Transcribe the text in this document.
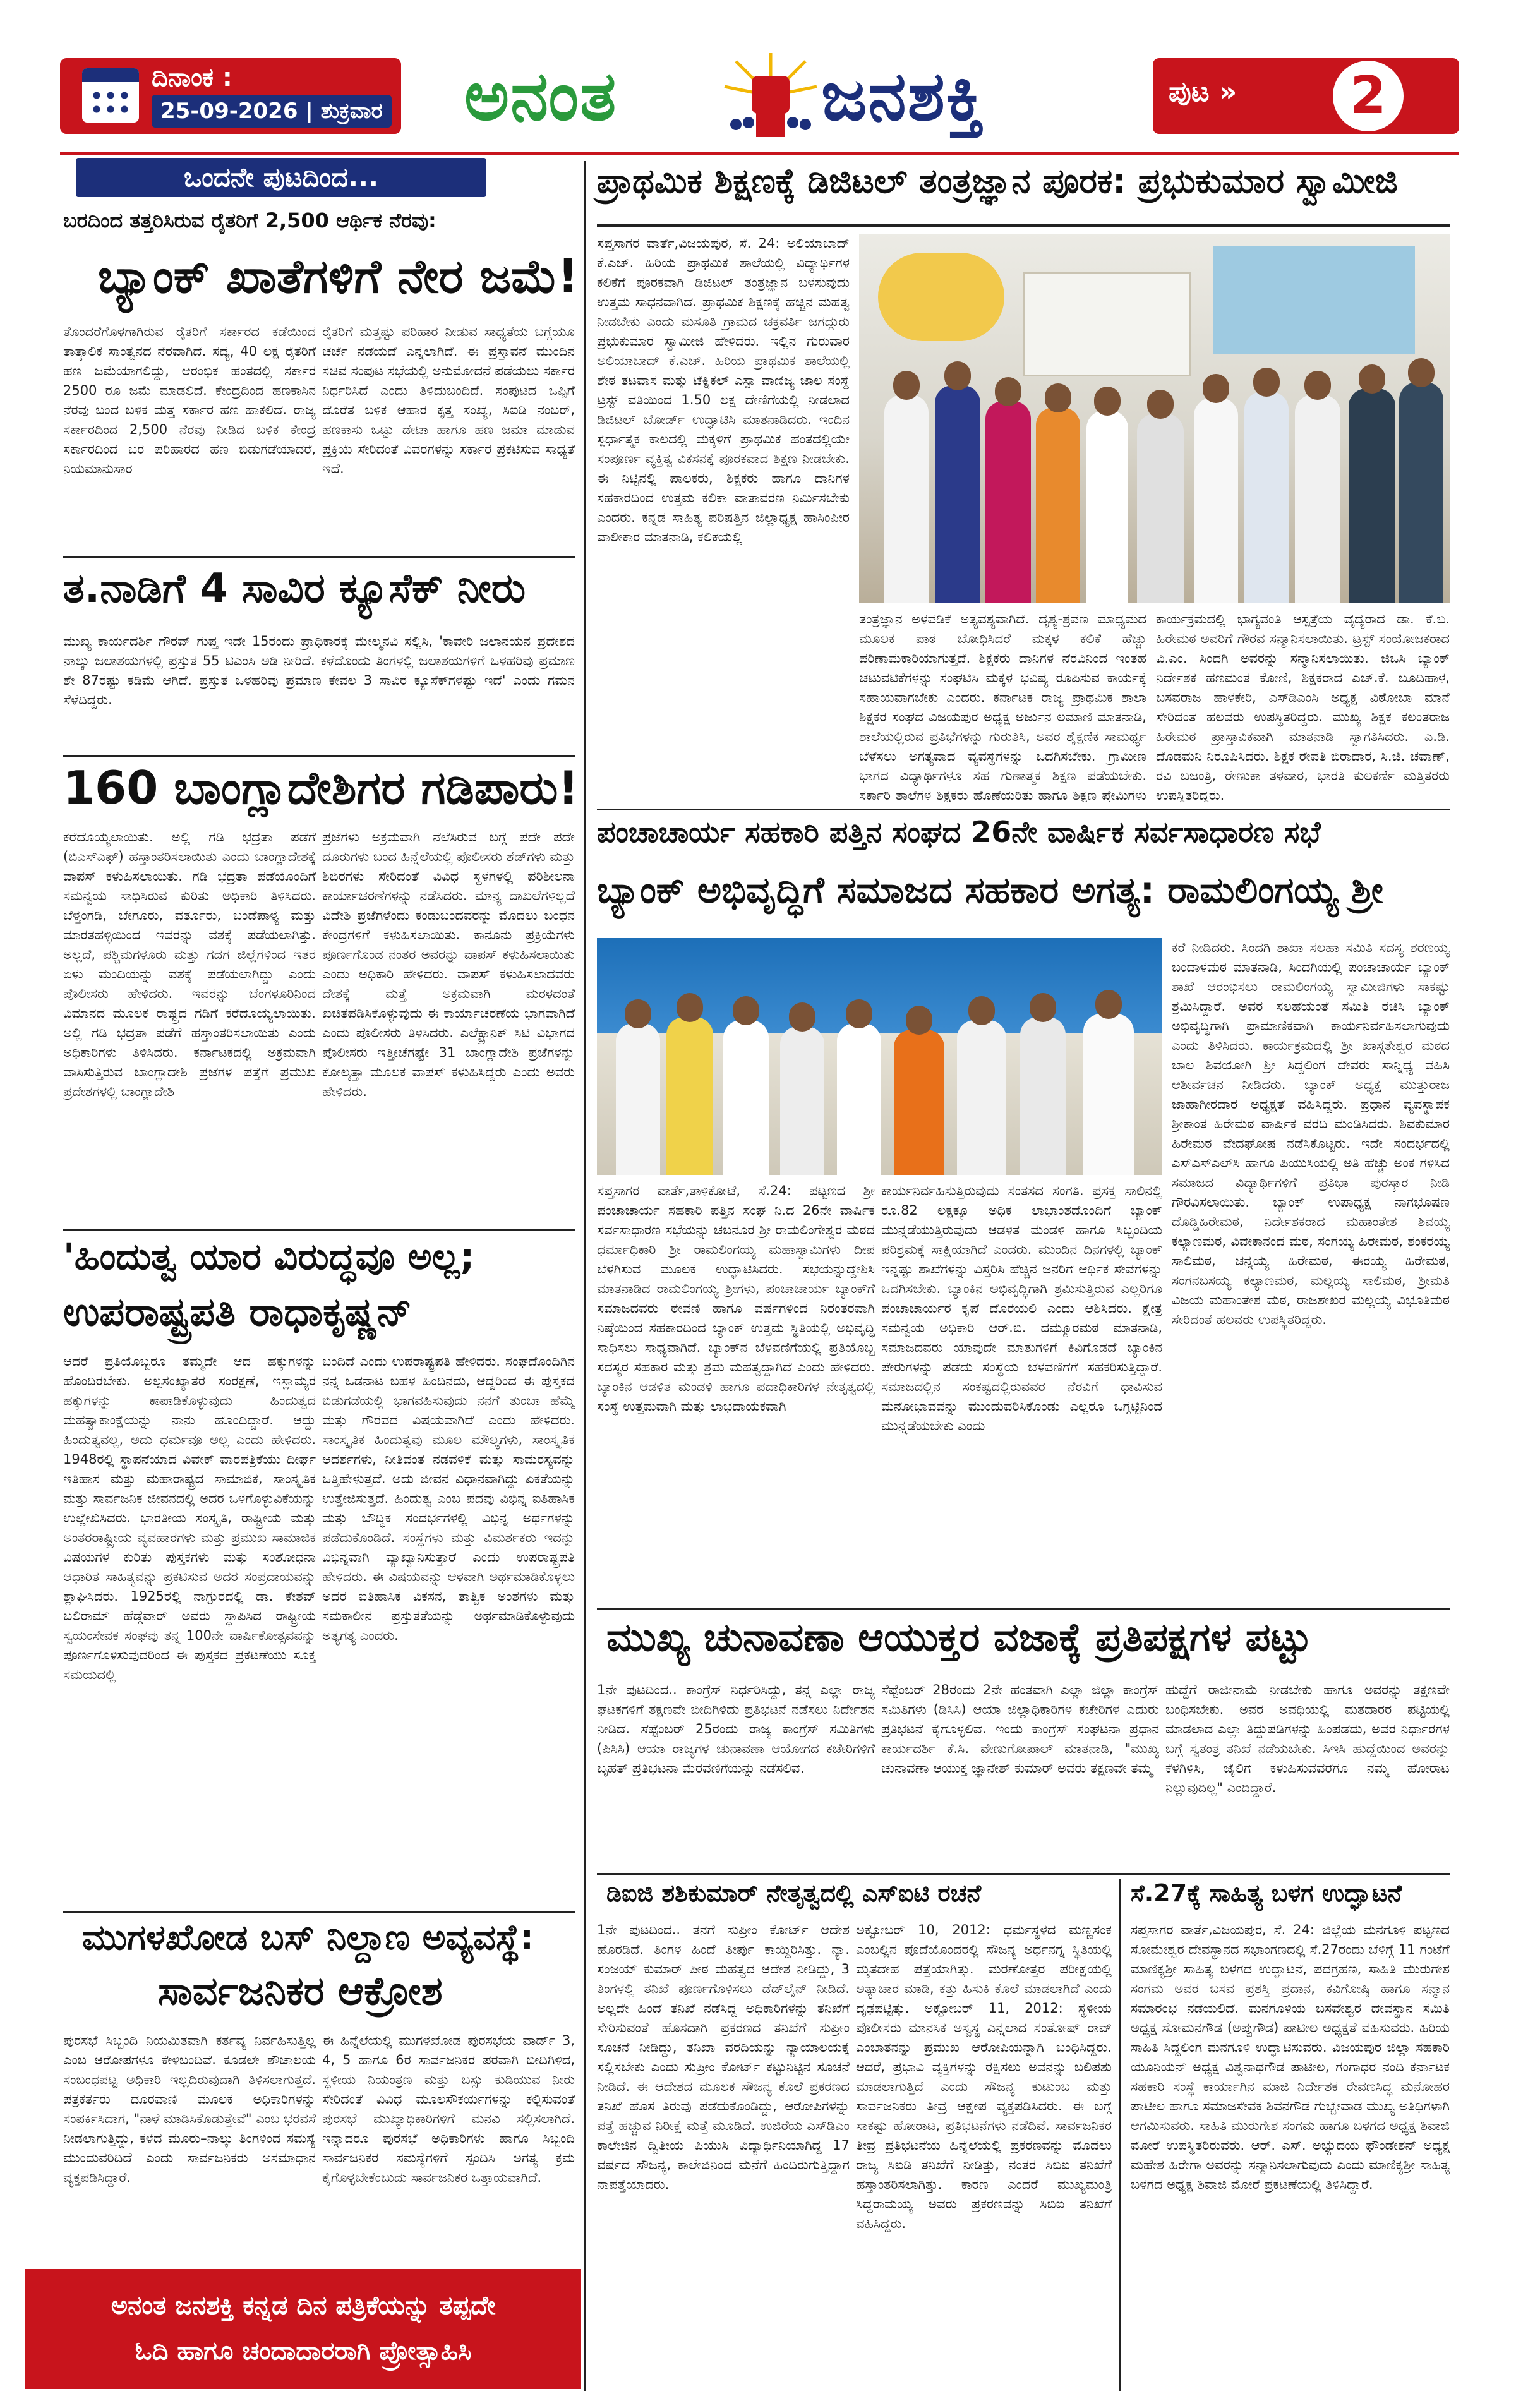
ದಿನಾಂಕ :
25-09-2026 | ಶುಕ್ರವಾರ ಅನಂತ	ಜನಶಕ್ತಿ	ಪುಟ »	2
ಒಂದನೇ ಪುಟದಿಂದ...
ಬರದಿಂದ ತತ್ತರಿಸಿರುವ ರೈತರಿಗೆ 2,500 ಆರ್ಥಿಕ ನೆರವು:
ಬ್ಯಾಂಕ್ ಖಾತೆಗಳಿಗೆ ನೇರ ಜಮೆ!
ತೊಂದರೆಗೊಳಗಾಗಿರುವ ರೈತರಿಗೆ ಸರ್ಕಾರದ ಕಡೆಯಿಂದ ತಾತ್ಕಾಲಿಕ ಸಾಂತ್ವನದ ನೆರವಾಗಿದೆ. ಸದ್ಯ, 40 ಲಕ್ಷ ರೈತರಿಗೆ ಹಣ ಜಮೆಯಾಗಲಿದ್ದು, ಆರಂಭಿಕ ಹಂತದಲ್ಲಿ ಸರ್ಕಾರ 2500 ರೂ ಜಮೆ ಮಾಡಲಿದೆ. ಕೇಂದ್ರದಿಂದ ಹಣಕಾಸಿನ ನೆರವು ಬಂದ ಬಳಿಕ ಮತ್ತೆ ಸರ್ಕಾರ ಹಣ ಹಾಕಲಿದೆ. ರಾಜ್ಯ ಸರ್ಕಾರದಿಂದ 2,500 ನೆರವು ನೀಡಿದ ಬಳಿಕ ಕೇಂದ್ರ ಸರ್ಕಾರದಿಂದ ಬರ ಪರಿಹಾರದ ಹಣ ಬಿಡುಗಡೆಯಾದರೆ, ನಿಯಮಾನುಸಾರ
ರೈತರಿಗೆ ಮತ್ತಷ್ಟು ಪರಿಹಾರ ನೀಡುವ ಸಾಧ್ಯತೆಯ ಬಗ್ಗೆಯೂ ಚರ್ಚೆ ನಡೆಯದೆ ಎನ್ನಲಾಗಿದೆ. ಈ ಪ್ರಸ್ತಾವನೆ ಮುಂದಿನ ಸಚಿವ ಸಂಪುಟ ಸಭೆಯಲ್ಲಿ ಅನುಮೋದನೆ ಪಡೆಯಲು ಸರ್ಕಾರ ನಿರ್ಧರಿಸಿದೆ ಎಂದು ತಿಳಿದುಬಂದಿದೆ. ಸಂಪುಟದ ಒಪ್ಪಿಗೆ ದೊರೆತ ಬಳಿಕ ಆಹಾರ ಕೃತ್ತ ಸಂಖ್ಯೆ, ಸಿಐಡಿ ನಂಬರ್, ಹಣಕಾಸು ಒಟ್ಟು ಡೇಟಾ ಹಾಗೂ ಹಣ ಜಮಾ ಮಾಡುವ ಪ್ರಕ್ರಿಯೆ ಸೇರಿದಂತೆ ವಿವರಗಳನ್ನು ಸರ್ಕಾರ ಪ್ರಕಟಿಸುವ ಸಾಧ್ಯತೆ ಇದೆ.
ತ.ನಾಡಿಗೆ 4 ಸಾವಿರ ಕ್ಯೂಸೆಕ್ ನೀರು
ಮುಖ್ಯ ಕಾರ್ಯದರ್ಶಿ ಗೌರವ್ ಗುಪ್ತ ಇದೇ 15ರಂದು ಪ್ರಾಧಿಕಾರಕ್ಕೆ ಮೇಲ್ಮನವಿ ಸಲ್ಲಿಸಿ, 'ಕಾವೇರಿ ಜಲಾನಯನ ಪ್ರದೇಶದ ನಾಲ್ಕು ಜಲಾಶಯಗಳಲ್ಲಿ ಪ್ರಸ್ತುತ 55 ಟಿಎಂಸಿ ಅಡಿ ನೀರಿದೆ. ಕಳೆದೊಂದು ತಿಂಗಳಲ್ಲಿ ಜಲಾಶಯಗಳಿಗೆ ಒಳಹರಿವು ಪ್ರಮಾಣ ಶೇ 87ರಷ್ಟು ಕಡಿಮೆ ಆಗಿದೆ. ಪ್ರಸ್ತುತ ಒಳಹರಿವು ಪ್ರಮಾಣ ಕೇವಲ 3 ಸಾವಿರ ಕ್ಯೂಸೆಕ್‌ಗಳಷ್ಟು ಇದೆ' ಎಂದು ಗಮನ ಸೆಳೆದಿದ್ದರು.
160 ಬಾಂಗ್ಲಾದೇಶಿಗರ ಗಡಿಪಾರು!
ಕರೆದೊಯ್ಯಲಾಯಿತು. ಅಲ್ಲಿ ಗಡಿ ಭದ್ರತಾ ಪಡೆಗೆ (ಬಿಎಸ್‌ಎಫ್) ಹಸ್ತಾಂತರಿಸಲಾಯಿತು ಎಂದು ಬಾಂಗ್ಲಾದೇಶಕ್ಕೆ ವಾಪಸ್ ಕಳುಹಿಸಲಾಯಿತು. ಗಡಿ ಭದ್ರತಾ ಪಡೆಯೊಂದಿಗೆ ಸಮನ್ವಯ ಸಾಧಿಸಿರುವ ಕುರಿತು ಅಧಿಕಾರಿ ತಿಳಿಸಿದರು. ಬೆಳ್ತಂಗಡಿ, ಬೇಗೂರು, ವರ್ತೂರು, ಬಂಡೆಪಾಳ್ಯ ಮತ್ತು ಮಾರತಹಳ್ಳಿಯಿಂದ ಇವರನ್ನು ವಶಕ್ಕೆ ಪಡೆಯಲಾಗಿತ್ತು. ಅಲ್ಲದೆ, ಪಶ್ಚಿಮಗಳೂರು ಮತ್ತು ಗದಗ ಜಿಲ್ಲೆಗಳಿಂದ ಇತರ ಏಳು ಮಂದಿಯನ್ನು ವಶಕ್ಕೆ ಪಡೆಯಲಾಗಿದ್ದು ಎಂದು ಪೊಲೀಸರು ಹೇಳಿದರು. ಇವರನ್ನು ಬೆಂಗಳೂರಿನಿಂದ ವಿಮಾನದ ಮೂಲಕ ರಾಷ್ಟ್ರದ ಗಡಿಗೆ ಕರೆದೊಯ್ಯಲಾಯಿತು. ಅಲ್ಲಿ ಗಡಿ ಭದ್ರತಾ ಪಡೆಗೆ ಹಸ್ತಾಂತರಿಸಲಾಯಿತು ಎಂದು ಅಧಿಕಾರಿಗಳು ತಿಳಿಸಿದರು. ಕರ್ನಾಟಕದಲ್ಲಿ ಅಕ್ರಮವಾಗಿ ವಾಸಿಸುತ್ತಿರುವ ಬಾಂಗ್ಲಾದೇಶಿ ಪ್ರಜೆಗಳ ಪತ್ತೆಗೆ ಪ್ರಮುಖ ಪ್ರದೇಶಗಳಲ್ಲಿ ಬಾಂಗ್ಲಾದೇಶಿ
ಪ್ರಜೆಗಳು ಅಕ್ರಮವಾಗಿ ನೆಲೆಸಿರುವ ಬಗ್ಗೆ ಪದೇ ಪದೇ ದೂರುಗಳು ಬಂದ ಹಿನ್ನೆಲೆಯಲ್ಲಿ ಪೊಲೀಸರು ಶೆಡ್‌ಗಳು ಮತ್ತು ಶಿಬಿರಗಳು ಸೇರಿದಂತೆ ವಿವಿಧ ಸ್ಥಳಗಳಲ್ಲಿ ಪರಿಶೀಲನಾ ಕಾರ್ಯಾಚರಣೆಗಳನ್ನು ನಡೆಸಿದರು. ಮಾನ್ಯ ದಾಖಲೆಗಳಿಲ್ಲದೆ ವಿದೇಶಿ ಪ್ರಜೆಗಳೆಂದು ಕಂಡುಬಂದವರನ್ನು ಮೊದಲು ಬಂಧನ ಕೇಂದ್ರಗಳಿಗೆ ಕಳುಹಿಸಲಾಯಿತು. ಕಾನೂನು ಪ್ರಕ್ರಿಯೆಗಳು ಪೂರ್ಣಗೊಂಡ ನಂತರ ಅವರನ್ನು ವಾಪಸ್ ಕಳುಹಿಸಲಾಯಿತು ಎಂದು ಅಧಿಕಾರಿ ಹೇಳಿದರು. ವಾಪಸ್ ಕಳುಹಿಸಲಾದವರು ದೇಶಕ್ಕೆ ಮತ್ತೆ ಅಕ್ರಮವಾಗಿ ಮರಳದಂತೆ ಖಚಿತಪಡಿಸಿಕೊಳ್ಳುವುದು ಈ ಕಾರ್ಯಾಚರಣೆಯ ಭಾಗವಾಗಿದೆ ಎಂದು ಪೊಲೀಸರು ತಿಳಿಸಿದರು. ಎಲೆಕ್ಟ್ರಾನಿಕ್ ಸಿಟಿ ವಿಭಾಗದ ಪೊಲೀಸರು ಇತ್ತೀಚೆಗಷ್ಟೇ 31 ಬಾಂಗ್ಲಾದೇಶಿ ಪ್ರಜೆಗಳನ್ನು ಕೋಲ್ಕತ್ತಾ ಮೂಲಕ ವಾಪಸ್ ಕಳುಹಿಸಿದ್ದರು ಎಂದು ಅವರು ಹೇಳಿದರು.
'ಹಿಂದುತ್ವ ಯಾರ ವಿರುದ್ಧವೂ ಅಲ್ಲ;
ಉಪರಾಷ್ಟ್ರಪತಿ ರಾಧಾಕೃಷ್ಣನ್
ಆದರೆ ಪ್ರತಿಯೊಬ್ಬರೂ ತಮ್ಮದೇ ಆದ ಹಕ್ಕುಗಳನ್ನು ಹೊಂದಿರಬೇಕು. ಅಲ್ಪಸಂಖ್ಯಾತರ ಸಂರಕ್ಷಣೆ, ಇಸ್ಲಾಮ್ಯರ ಹಕ್ಕುಗಳನ್ನು ಕಾಪಾಡಿಕೊಳ್ಳುವುದು ಹಿಂದುತ್ವದ ಮಹತ್ವಾಕಾಂಕ್ಷೆಯನ್ನು ನಾನು ಹೊಂದಿದ್ದಾರೆ. ಆದ್ದು ಹಿಂದುತ್ವವಲ್ಲ, ಅದು ಧರ್ಮವೂ ಅಲ್ಲ ಎಂದು ಹೇಳಿದರು. 1948ರಲ್ಲಿ ಸ್ಥಾಪನೆಯಾದ ವಿವೇಕ್ ವಾರಪತ್ರಿಕೆಯು ದೀರ್ಘ ಇತಿಹಾಸ ಮತ್ತು ಮಹಾರಾಷ್ಟ್ರದ ಸಾಮಾಜಿಕ, ಸಾಂಸ್ಕೃತಿಕ ಮತ್ತು ಸಾರ್ವಜನಿಕ ಜೀವನದಲ್ಲಿ ಅದರ ಒಳಗೊಳ್ಳುವಿಕೆಯನ್ನು ಉಲ್ಲೇಖಿಸಿದರು. ಭಾರತೀಯ ಸಂಸ್ಕೃತಿ, ರಾಷ್ಟ್ರೀಯ ಮತ್ತು ಅಂತರರಾಷ್ಟ್ರೀಯ ವ್ಯವಹಾರಗಳು ಮತ್ತು ಪ್ರಮುಖ ಸಾಮಾಜಿಕ ವಿಷಯಗಳ ಕುರಿತು ಪುಸ್ತಕಗಳು ಮತ್ತು ಸಂಶೋಧನಾ ಆಧಾರಿತ ಸಾಹಿತ್ಯವನ್ನು ಪ್ರಕಟಿಸುವ ಅದರ ಸಂಪ್ರದಾಯವನ್ನು ಶ್ಲಾಘಿಸಿದರು. 1925ರಲ್ಲಿ ನಾಗ್ಪುರದಲ್ಲಿ ಡಾ. ಕೇಶವ್ ಬಲಿರಾಮ್ ಹೆಡ್ಗೆವಾರ್ ಅವರು ಸ್ಥಾಪಿಸಿದ ರಾಷ್ಟ್ರೀಯ ಸ್ವಯಂಸೇವಕ ಸಂಘವು ತನ್ನ 100ನೇ ವಾರ್ಷಿಕೋತ್ಸವವನ್ನು ಪೂರ್ಣಗೊಳಿಸುವುದರಿಂದ ಈ ಪುಸ್ತಕದ ಪ್ರಕಟಣೆಯು ಸೂಕ್ತ ಸಮಯದಲ್ಲಿ
ಬಂದಿದೆ ಎಂದು ಉಪರಾಷ್ಟ್ರಪತಿ ಹೇಳಿದರು. ಸಂಘದೊಂದಿಗಿನ ನನ್ನ ಒಡನಾಟ ಬಹಳ ಹಿಂದಿನದು, ಆದ್ದರಿಂದ ಈ ಪುಸ್ತಕದ ಬಿಡುಗಡೆಯಲ್ಲಿ ಭಾಗವಹಿಸುವುದು ನನಗೆ ತುಂಬಾ ಹೆಮ್ಮೆ ಮತ್ತು ಗೌರವದ ವಿಷಯವಾಗಿದೆ ಎಂದು ಹೇಳಿದರು. ಸಾಂಸ್ಕೃತಿಕ ಹಿಂದುತ್ವವು ಮೂಲ ಮೌಲ್ಯಗಳು, ಸಾಂಸ್ಕೃತಿಕ ಆದರ್ಶಗಳು, ನೀತಿವಂತ ನಡವಳಿಕೆ ಮತ್ತು ಸಾಮರಸ್ಯವನ್ನು ಒತ್ತಿಹೇಳುತ್ತದೆ. ಅದು ಜೀವನ ವಿಧಾನವಾಗಿದ್ದು ಏಕತೆಯನ್ನು ಉತ್ತೇಜಿಸುತ್ತದೆ. ಹಿಂದುತ್ವ ಎಂಬ ಪದವು ವಿಭಿನ್ನ ಐತಿಹಾಸಿಕ ಮತ್ತು ಬೌದ್ಧಿಕ ಸಂದರ್ಭಗಳಲ್ಲಿ ವಿಭಿನ್ನ ಅರ್ಥಗಳನ್ನು ಪಡೆದುಕೊಂಡಿದೆ. ಸಂಸ್ಥೆಗಳು ಮತ್ತು ವಿಮರ್ಶಕರು ಇದನ್ನು ವಿಭಿನ್ನವಾಗಿ ವ್ಯಾಖ್ಯಾನಿಸುತ್ತಾರೆ ಎಂದು ಉಪರಾಷ್ಟ್ರಪತಿ ಹೇಳಿದರು. ಈ ವಿಷಯವನ್ನು ಆಳವಾಗಿ ಅರ್ಥಮಾಡಿಕೊಳ್ಳಲು ಅದರ ಐತಿಹಾಸಿಕ ವಿಕಸನ, ತಾತ್ವಿಕ ಅಂಶಗಳು ಮತ್ತು ಸಮಕಾಲೀನ ಪ್ರಸ್ತುತತೆಯನ್ನು ಅರ್ಥಮಾಡಿಕೊಳ್ಳುವುದು ಅತ್ಯಗತ್ಯ ಎಂದರು.
ಮುಗಳಖೋಡ ಬಸ್ ನಿಲ್ದಾಣ ಅವ್ಯವಸ್ಥೆ:
ಸಾರ್ವಜನಿಕರ ಆಕ್ರೋಶ
ಪುರಸಭೆ ಸಿಬ್ಬಂದಿ ನಿಯಮಿತವಾಗಿ ಕರ್ತವ್ಯ ನಿರ್ವಹಿಸುತ್ತಿಲ್ಲ ಎಂಬ ಆರೋಪಗಳೂ ಕೇಳಿಬಂದಿವೆ. ಕೂಡಲೇ ಶೌಚಾಲಯ ಸಂಬಂಧಪಟ್ಟ ಅಧಿಕಾರಿ ಇಲ್ಲದಿರುವುದಾಗಿ ತಿಳಿಸಲಾಗುತ್ತದೆ. ಪತ್ರಕರ್ತರು ದೂರವಾಣಿ ಮೂಲಕ ಅಧಿಕಾರಿಗಳನ್ನು ಸಂಪರ್ಕಿಸಿದಾಗ, "ನಾಳೆ ಮಾಡಿಸಿಕೊಡುತ್ತೇವೆ" ಎಂಬ ಭರವಸೆ ನೀಡಲಾಗುತ್ತಿದ್ದು, ಕಳೆದ ಮೂರು–ನಾಲ್ಕು ತಿಂಗಳಿಂದ ಸಮಸ್ಯೆ ಮುಂದುವರಿದಿದೆ ಎಂದು ಸಾರ್ವಜನಿಕರು ಅಸಮಾಧಾನ ವ್ಯಕ್ತಪಡಿಸಿದ್ದಾರೆ.
ಈ ಹಿನ್ನೆಲೆಯಲ್ಲಿ ಮುಗಳಖೋಡ ಪುರಸಭೆಯ ವಾರ್ಡ್ 3, 4, 5 ಹಾಗೂ 6ರ ಸಾರ್ವಜನಿಕರ ಪರವಾಗಿ ಬೀದಿಗಿಳಿದ, ಸ್ಥಳೀಯ ನಿಯಂತ್ರಣ ಮತ್ತು ಬಸ್ಸು ಕುಡಿಯುವ ನೀರು ಸೇರಿದಂತೆ ವಿವಿಧ ಮೂಲಸೌಕರ್ಯಗಳನ್ನು ಕಲ್ಪಿಸುವಂತೆ ಪುರಸಭೆ ಮುಖ್ಯಾಧಿಕಾರಿಗಳಿಗೆ ಮನವಿ ಸಲ್ಲಿಸಲಾಗಿದೆ. ಇನ್ನಾದರೂ ಪುರಸಭೆ ಅಧಿಕಾರಿಗಳು ಹಾಗೂ ಸಿಬ್ಬಂದಿ ಸಾರ್ವಜನಿಕರ ಸಮಸ್ಯೆಗಳಿಗೆ ಸ್ಪಂದಿಸಿ ಅಗತ್ಯ ಕ್ರಮ ಕೈಗೊಳ್ಳಬೇಕೆಂಬುದು ಸಾರ್ವಜನಿಕರ ಒತ್ತಾಯವಾಗಿದೆ.
ಅನಂತ ಜನಶಕ್ತಿ ಕನ್ನಡ ದಿನ ಪತ್ರಿಕೆಯನ್ನು ತಪ್ಪದೇ
ಓದಿ ಹಾಗೂ ಚಂದಾದಾರರಾಗಿ ಪ್ರೋತ್ಸಾಹಿಸಿ
ಪ್ರಾಥಮಿಕ ಶಿಕ್ಷಣಕ್ಕೆ ಡಿಜಿಟಲ್ ತಂತ್ರಜ್ಞಾನ ಪೂರಕ: ಪ್ರಭುಕುಮಾರ ಸ್ವಾಮೀಜಿ
ಸಪ್ತಸಾಗರ ವಾರ್ತೆ,ವಿಜಯಪುರ, ಸೆ. 24: ಅಲಿಯಾಬಾದ್ ಕೆ.ಎಚ್. ಹಿರಿಯ ಪ್ರಾಥಮಿಕ ಶಾಲೆಯಲ್ಲಿ ವಿದ್ಯಾರ್ಥಿಗಳ ಕಲಿಕೆಗೆ ಪೂರಕವಾಗಿ ಡಿಜಿಟಲ್ ತಂತ್ರಜ್ಞಾನ ಬಳಸುವುದು ಉತ್ತಮ ಸಾಧನವಾಗಿದೆ. ಪ್ರಾಥಮಿಕ ಶಿಕ್ಷಣಕ್ಕೆ ಹೆಚ್ಚಿನ ಮಹತ್ವ ನೀಡಬೇಕು ಎಂದು ಮಸೂತಿ ಗ್ರಾಮದ ಚಕ್ರವರ್ತಿ ಜಗದ್ಗುರು ಪ್ರಭುಕುಮಾರ ಸ್ವಾಮೀಜಿ ಹೇಳಿದರು. ಇಲ್ಲಿನ ಗುರುವಾರ ಅಲಿಯಾಬಾದ್ ಕೆ.ಎಚ್. ಹಿರಿಯ ಪ್ರಾಥಮಿಕ ಶಾಲೆಯಲ್ಲಿ ಶೇಠ ತಟವಾಸ ಮತ್ತು ಟೆಕ್ನಿಕಲ್ ಎಸ್ಪಾ ವಾಣಿಜ್ಯ ಜಾಲ ಸಂಸ್ಥೆ ಟ್ರಸ್ಟ್ ವತಿಯಿಂದ 1.50 ಲಕ್ಷ ದೇಣಿಗೆಯಲ್ಲಿ ನೀಡಲಾದ ಡಿಜಿಟಲ್ ಬೋರ್ಡ್ ಉದ್ಘಾಟಿಸಿ ಮಾತನಾಡಿದರು. ಇಂದಿನ ಸ್ಪರ್ಧಾತ್ಮಕ ಕಾಲದಲ್ಲಿ ಮಕ್ಕಳಿಗೆ ಪ್ರಾಥಮಿಕ ಹಂತದಲ್ಲಿಯೇ ಸಂಪೂರ್ಣ ವ್ಯಕ್ತಿತ್ವ ವಿಕಸನಕ್ಕೆ ಪೂರಕವಾದ ಶಿಕ್ಷಣ ನೀಡಬೇಕು. ಈ ನಿಟ್ಟಿನಲ್ಲಿ ಪಾಲಕರು, ಶಿಕ್ಷಕರು ಹಾಗೂ ದಾನಿಗಳ ಸಹಕಾರದಿಂದ ಉತ್ತಮ ಕಲಿಕಾ ವಾತಾವರಣ ನಿರ್ಮಿಸಬೇಕು ಎಂದರು. ಕನ್ನಡ ಸಾಹಿತ್ಯ ಪರಿಷತ್ತಿನ ಜಿಲ್ಲಾಧ್ಯಕ್ಷ ಹಾಸಿಂಪೀರ ವಾಲೀಕಾರ ಮಾತನಾಡಿ, ಕಲಿಕೆಯಲ್ಲಿ
ತಂತ್ರಜ್ಞಾನ ಅಳವಡಿಕೆ ಅತ್ಯವಶ್ಯವಾಗಿದೆ. ದೃಶ್ಯ-ಶ್ರವಣ ಮಾಧ್ಯಮದ ಮೂಲಕ ಪಾಠ ಬೋಧಿಸಿದರೆ ಮಕ್ಕಳ ಕಲಿಕೆ ಹೆಚ್ಚು ಪರಿಣಾಮಕಾರಿಯಾಗುತ್ತದೆ. ಶಿಕ್ಷಕರು ದಾನಿಗಳ ನೆರವಿನಿಂದ ಇಂತಹ ಚಟುವಟಿಕೆಗಳನ್ನು ಸಂಘಟಿಸಿ ಮಕ್ಕಳ ಭವಿಷ್ಯ ರೂಪಿಸುವ ಕಾರ್ಯಕ್ಕೆ ಸಹಾಯವಾಗಬೇಕು ಎಂದರು. ಕರ್ನಾಟಕ ರಾಜ್ಯ ಪ್ರಾಥಮಿಕ ಶಾಲಾ ಶಿಕ್ಷಕರ ಸಂಘದ ವಿಜಯಪುರ ಅಧ್ಯಕ್ಷ ಅರ್ಜುನ ಲಮಾಣಿ ಮಾತನಾಡಿ, ಶಾಲೆಯಲ್ಲಿರುವ ಪ್ರತಿಭೆಗಳನ್ನು ಗುರುತಿಸಿ, ಅವರ ಶೈಕ್ಷಣಿಕ ಸಾಮರ್ಥ್ಯ ಬೆಳೆಸಲು ಅಗತ್ಯವಾದ ವ್ಯವಸ್ಥೆಗಳನ್ನು ಒದಗಿಸಬೇಕು. ಗ್ರಾಮೀಣ ಭಾಗದ ವಿದ್ಯಾರ್ಥಿಗಳೂ ಸಹ ಗುಣಾತ್ಮಕ ಶಿಕ್ಷಣ ಪಡೆಯಬೇಕು. ಸರ್ಕಾರಿ ಶಾಲೆಗಳ ಶಿಕ್ಷಕರು ಹೊಣೆಯರಿತು ಹಾಗೂ ಶಿಕ್ಷಣ ಪ್ರೇಮಿಗಳು
ಕಾರ್ಯಕ್ರಮದಲ್ಲಿ ಭಾಗ್ಯವಂತಿ ಆಸ್ಪತ್ರೆಯ ವೈದ್ಯರಾದ ಡಾ. ಕೆ.ಬಿ. ಹಿರೇಮಠ ಅವರಿಗೆ ಗೌರವ ಸನ್ಮಾನಿಸಲಾಯಿತು. ಟ್ರಸ್ಟ್ ಸಂಯೋಜಕರಾದ ವಿ.ಎಂ. ಸಿಂದಗಿ ಅವರನ್ನು ಸನ್ಮಾನಿಸಲಾಯಿತು. ಜಿಒಸಿ ಬ್ಯಾಂಕ್ ನಿರ್ದೇಶಕ ಹಣಮಂತ ಕೋಣಿ, ಶಿಕ್ಷಕರಾದ ಎಚ್.ಕೆ. ಬೂದಿಹಾಳ, ಬಸವರಾಜ ಹಾಳಕೇರಿ, ಎಸ್‌ಡಿಎಂಸಿ ಅಧ್ಯಕ್ಷ ವಿಠೋಬಾ ಮಾನೆ ಸೇರಿದಂತೆ ಹಲವರು ಉಪಸ್ಥಿತರಿದ್ದರು. ಮುಖ್ಯ ಶಿಕ್ಷಕ ಕಲಂತರಾಜ ಹಿರೇಮಠ ಪ್ರಾಸ್ತಾವಿಕವಾಗಿ ಮಾತನಾಡಿ ಸ್ವಾಗತಿಸಿದರು. ಎ.ಡಿ. ದೊಡಮನಿ ನಿರೂಪಿಸಿದರು. ಶಿಕ್ಷಕ ರೇವತಿ ಬಿರಾದಾರ, ಸಿ.ಜಿ. ಚವಾಣ್, ರವಿ ಬಜಂತ್ರಿ, ರೇಣುಕಾ ತಳವಾರ, ಭಾರತಿ ಕುಲಕರ್ಣಿ ಮತ್ತಿತರರು ಉಪಸ್ಥಿತರಿದ್ದರು.
ಪಂಚಾಚಾರ್ಯ ಸಹಕಾರಿ ಪತ್ತಿನ ಸಂಘದ 26ನೇ ವಾರ್ಷಿಕ ಸರ್ವಸಾಧಾರಣ ಸಭೆ
ಬ್ಯಾಂಕ್ ಅಭಿವೃದ್ಧಿಗೆ ಸಮಾಜದ ಸಹಕಾರ ಅಗತ್ಯ: ರಾಮಲಿಂಗಯ್ಯ ಶ್ರೀ
ಕರೆ ನೀಡಿದರು. ಸಿಂದಗಿ ಶಾಖಾ ಸಲಹಾ ಸಮಿತಿ ಸದಸ್ಯ ಶರಣಯ್ಯ ಬಂದಾಳಮಠ ಮಾತನಾಡಿ, ಸಿಂದಗಿಯಲ್ಲಿ ಪಂಚಾಚಾರ್ಯ ಬ್ಯಾಂಕ್ ಶಾಖೆ ಆರಂಭಿಸಲು ರಾಮಲಿಂಗಯ್ಯ ಸ್ವಾಮೀಜಿಗಳು ಸಾಕಷ್ಟು ಶ್ರಮಿಸಿದ್ದಾರೆ. ಅವರ ಸಲಹೆಯಂತೆ ಸಮಿತಿ ರಚಿಸಿ ಬ್ಯಾಂಕ್ ಅಭಿವೃದ್ಧಿಗಾಗಿ ಪ್ರಾಮಾಣಿಕವಾಗಿ ಕಾರ್ಯನಿರ್ವಹಿಸಲಾಗುವುದು ಎಂದು ತಿಳಿಸಿದರು. ಕಾರ್ಯಕ್ರಮದಲ್ಲಿ ಶ್ರೀ ಖಾಸ್ಗತೇಶ್ವರ ಮಠದ ಬಾಲ ಶಿವಯೋಗಿ ಶ್ರೀ ಸಿದ್ದಲಿಂಗ ದೇವರು ಸಾನ್ನಿಧ್ಯ ವಹಿಸಿ ಆಶೀರ್ವಚನ ನೀಡಿದರು. ಬ್ಯಾಂಕ್ ಅಧ್ಯಕ್ಷ ಮುತ್ತುರಾಜ ಜಾಹಾಗೀರದಾರ ಅಧ್ಯಕ್ಷತೆ ವಹಿಸಿದ್ದರು. ಪ್ರಧಾನ ವ್ಯವಸ್ಥಾಪಕ ಶ್ರೀಕಾಂತ ಹಿರೇಮಠ ವಾರ್ಷಿಕ ವರದಿ ಮಂಡಿಸಿದರು. ಶಿವಕುಮಾರ ಹಿರೇಮಠ ವೇದಘೋಷ ನಡೆಸಿಕೊಟ್ಟರು. ಇದೇ ಸಂದರ್ಭದಲ್ಲಿ ಎಸ್ಎಸ್ಎಲ್‌ಸಿ ಹಾಗೂ ಪಿಯುಸಿಯಲ್ಲಿ ಅತಿ ಹೆಚ್ಚು ಅಂಕ ಗಳಿಸಿದ ಸಮಾಜದ ವಿದ್ಯಾರ್ಥಿಗಳಿಗೆ ಪ್ರತಿಭಾ ಪುರಸ್ಕಾರ ನೀಡಿ ಗೌರವಿಸಲಾಯಿತು. ಬ್ಯಾಂಕ್ ಉಪಾಧ್ಯಕ್ಷ ನಾಗಭೂಷಣ ದೊಡ್ಡಿಹಿರೇಮಠ, ನಿರ್ದೇಶಕರಾದ ಮಹಾಂತೇಶ ಶಿವಯ್ಯ ಕಲ್ಯಾಣಮಠ, ವಿವೇಕಾನಂದ ಮಠ, ಸಂಗಯ್ಯ ಹಿರೇಮಠ, ಶಂಕರಯ್ಯ ಸಾಲಿಮಠ, ಚನ್ನಯ್ಯ ಹಿರೇಮಠ, ಈರಯ್ಯ ಹಿರೇಮಠ, ಸಂಗನಬಸಯ್ಯ ಕಲ್ಯಾಣಮಠ, ಮಲ್ಲಯ್ಯ ಸಾಲಿಮಠ, ಶ್ರೀಮತಿ ವಿಜಯ ಮಹಾಂತೇಶ ಮಠ, ರಾಜಶೇಖರ ಮಲ್ಲಯ್ಯ ವಿಭೂತಿಮಠ ಸೇರಿದಂತೆ ಹಲವರು ಉಪಸ್ಥಿತರಿದ್ದರು.
ಸಪ್ತಸಾಗರ ವಾರ್ತೆ,ತಾಳಿಕೋಟೆ, ಸೆ.24: ಪಟ್ಟಣದ ಶ್ರೀ ಪಂಚಾಚಾರ್ಯ ಸಹಕಾರಿ ಪತ್ತಿನ ಸಂಘ ನಿ.ದ 26ನೇ ವಾರ್ಷಿಕ ಸರ್ವಸಾಧಾರಣ ಸಭೆಯನ್ನು ಚಬನೂರ ಶ್ರೀ ರಾಮಲಿಂಗೇಶ್ವರ ಮಠದ ಧರ್ಮಾಧಿಕಾರಿ ಶ್ರೀ ರಾಮಲಿಂಗಯ್ಯ ಮಹಾಸ್ವಾಮಿಗಳು ದೀಪ ಬೆಳಗಿಸುವ ಮೂಲಕ ಉದ್ಘಾಟಿಸಿದರು. ಸಭೆಯನ್ನುದ್ದೇಶಿಸಿ ಮಾತನಾಡಿದ ರಾಮಲಿಂಗಯ್ಯ ಶ್ರೀಗಳು, ಪಂಚಾಚಾರ್ಯ ಬ್ಯಾಂಕ್‌ಗೆ ಸಮಾಜದವರು ಠೇವಣಿ ಹಾಗೂ ವರ್ಷಗಳಿಂದ ನಿರಂತರವಾಗಿ ನಿಷ್ಠೆಯಿಂದ ಸಹಕಾರದಿಂದ ಬ್ಯಾಂಕ್ ಉತ್ತಮ ಸ್ಥಿತಿಯಲ್ಲಿ ಅಭಿವೃದ್ಧಿ ಸಾಧಿಸಲು ಸಾಧ್ಯವಾಗಿದೆ. ಬ್ಯಾಂಕ್‌ನ ಬೆಳವಣಿಗೆಯಲ್ಲಿ ಪ್ರತಿಯೊಬ್ಬ ಸದಸ್ಯರ ಸಹಕಾರ ಮತ್ತು ಶ್ರಮ ಮಹತ್ವದ್ದಾಗಿದೆ ಎಂದು ಹೇಳಿದರು. ಬ್ಯಾಂಕಿನ ಆಡಳಿತ ಮಂಡಳಿ ಹಾಗೂ ಪದಾಧಿಕಾರಿಗಳ ನೇತೃತ್ವದಲ್ಲಿ ಸಂಸ್ಥೆ ಉತ್ತಮವಾಗಿ ಮತ್ತು ಲಾಭದಾಯಕವಾಗಿ
ಕಾರ್ಯನಿರ್ವಹಿಸುತ್ತಿರುವುದು ಸಂತಸದ ಸಂಗತಿ. ಪ್ರಸಕ್ತ ಸಾಲಿನಲ್ಲಿ ರೂ.82 ಲಕ್ಷಕ್ಕೂ ಅಧಿಕ ಲಾಭಾಂಶದೊಂದಿಗೆ ಬ್ಯಾಂಕ್ ಮುನ್ನಡೆಯುತ್ತಿರುವುದು ಆಡಳಿತ ಮಂಡಳಿ ಹಾಗೂ ಸಿಬ್ಬಂದಿಯ ಪರಿಶ್ರಮಕ್ಕೆ ಸಾಕ್ಷಿಯಾಗಿದೆ ಎಂದರು. ಮುಂದಿನ ದಿನಗಳಲ್ಲಿ ಬ್ಯಾಂಕ್ ಇನ್ನಷ್ಟು ಶಾಖೆಗಳನ್ನು ವಿಸ್ತರಿಸಿ ಹೆಚ್ಚಿನ ಜನರಿಗೆ ಆರ್ಥಿಕ ಸೇವೆಗಳನ್ನು ಒದಗಿಸಬೇಕು. ಬ್ಯಾಂಕಿನ ಅಭಿವೃದ್ಧಿಗಾಗಿ ಶ್ರಮಿಸುತ್ತಿರುವ ಎಲ್ಲರಿಗೂ ಪಂಚಾಚಾರ್ಯರ ಕೃಪೆ ದೊರೆಯಲಿ ಎಂದು ಆಶಿಸಿದರು. ಕ್ಷೇತ್ರ ಸಮನ್ವಯ ಅಧಿಕಾರಿ ಆರ್.ಬಿ. ದಮ್ಮೂರಮಠ ಮಾತನಾಡಿ, ಸಮಾಜದವರು ಯಾವುದೇ ಮಾತುಗಳಿಗೆ ಕಿವಿಗೊಡದೆ ಬ್ಯಾಂಕಿನ ಪೇರುಗಳನ್ನು ಪಡೆದು ಸಂಸ್ಥೆಯ ಬೆಳವಣಿಗೆಗೆ ಸಹಕರಿಸುತ್ತಿದ್ದಾರೆ. ಸಮಾಜದಲ್ಲಿನ ಸಂಕಷ್ಟದಲ್ಲಿರುವವರ ನೆರವಿಗೆ ಧಾವಿಸುವ ಮನೋಭಾವವನ್ನು ಮುಂದುವರಿಸಿಕೊಂಡು ಎಲ್ಲರೂ ಒಗ್ಗಟ್ಟಿನಿಂದ ಮುನ್ನಡೆಯಬೇಕು ಎಂದು
ಮುಖ್ಯ ಚುನಾವಣಾ ಆಯುಕ್ತರ ವಜಾಕ್ಕೆ ಪ್ರತಿಪಕ್ಷಗಳ ಪಟ್ಟು
1ನೇ ಪುಟದಿಂದ.. ಕಾಂಗ್ರೆಸ್ ನಿರ್ಧರಿಸಿದ್ದು, ತನ್ನ ಎಲ್ಲಾ ರಾಜ್ಯ ಘಟಕಗಳಿಗೆ ತಕ್ಷಣವೇ ಬೀದಿಗಿಳಿದು ಪ್ರತಿಭಟನೆ ನಡೆಸಲು ನಿರ್ದೇಶನ ನೀಡಿದೆ. ಸೆಪ್ಟೆಂಬರ್ 25ರಂದು ರಾಜ್ಯ ಕಾಂಗ್ರೆಸ್ ಸಮಿತಿಗಳು (ಪಿಸಿಸಿ) ಆಯಾ ರಾಜ್ಯಗಳ ಚುನಾವಣಾ ಆಯೋಗದ ಕಚೇರಿಗಳಿಗೆ ಬೃಹತ್ ಪ್ರತಿಭಟನಾ ಮೆರವಣಿಗೆಯನ್ನು ನಡೆಸಲಿವೆ.
ಸೆಪ್ಟೆಂಬರ್ 28ರಂದು 2ನೇ ಹಂತವಾಗಿ ಎಲ್ಲಾ ಜಿಲ್ಲಾ ಕಾಂಗ್ರೆಸ್ ಸಮಿತಿಗಳು (ಡಿಸಿಸಿ) ಆಯಾ ಜಿಲ್ಲಾಧಿಕಾರಿಗಳ ಕಚೇರಿಗಳ ಎದುರು ಪ್ರತಿಭಟನೆ ಕೈಗೊಳ್ಳಲಿವೆ. ಇಂದು ಕಾಂಗ್ರೆಸ್ ಸಂಘಟನಾ ಪ್ರಧಾನ ಕಾರ್ಯದರ್ಶಿ ಕೆ.ಸಿ. ವೇಣುಗೋಪಾಲ್ ಮಾತನಾಡಿ, "ಮುಖ್ಯ ಚುನಾವಣಾ ಆಯುಕ್ತ ಜ್ಞಾನೇಶ್ ಕುಮಾರ್ ಅವರು ತಕ್ಷಣವೇ ತಮ್ಮ
ಹುದ್ದೆಗೆ ರಾಜೀನಾಮೆ ನೀಡಬೇಕು ಹಾಗೂ ಅವರನ್ನು ತಕ್ಷಣವೇ ಬಂಧಿಸಬೇಕು. ಅವರ ಅವಧಿಯಲ್ಲಿ ಮತದಾರರ ಪಟ್ಟಿಯಲ್ಲಿ ಮಾಡಲಾದ ಎಲ್ಲಾ ತಿದ್ದುಪಡಿಗಳನ್ನು ಹಿಂಪಡೆದು, ಅವರ ನಿರ್ಧಾರಗಳ ಬಗ್ಗೆ ಸ್ವತಂತ್ರ ತನಿಖೆ ನಡೆಯಬೇಕು. ಸಿಇಸಿ ಹುದ್ದೆಯಿಂದ ಅವರನ್ನು ಕೆಳಗಿಳಿಸಿ, ಜೈಲಿಗೆ ಕಳುಹಿಸುವವರೆಗೂ ನಮ್ಮ ಹೋರಾಟ ನಿಲ್ಲುವುದಿಲ್ಲ" ಎಂದಿದ್ದಾರೆ.
ಡಿಐಜಿ ಶಶಿಕುಮಾರ್ ನೇತೃತ್ವದಲ್ಲಿ ಎಸ್‌ಐಟಿ ರಚನೆ
1ನೇ ಪುಟದಿಂದ.. ತನಗೆ ಸುಪ್ರೀಂ ಕೋರ್ಟ್ ಆದೇಶ ಹೊರಡಿದೆ. ತಿಂಗಳ ಹಿಂದೆ ತೀರ್ಪು ಕಾಯ್ದಿರಿಸಿತ್ತು. ನ್ಯಾ. ಸಂಜಯ್ ಕುಮಾರ್ ಪೀಠ ಮಹತ್ವದ ಆದೇಶ ನೀಡಿದ್ದು, 3 ತಿಂಗಳಲ್ಲಿ ತನಿಖೆ ಪೂರ್ಣಗೊಳಿಸಲು ಡೆಡ್‌ಲೈನ್ ನೀಡಿದೆ. ಅಲ್ಲದೇ ಹಿಂದೆ ತನಿಖೆ ನಡೆಸಿದ್ದ ಅಧಿಕಾರಿಗಳನ್ನು ತನಿಖೆಗೆ ಸೇರಿಸುವಂತೆ ಹೊಸದಾಗಿ ಪ್ರಕರಣದ ತನಿಖೆಗೆ ಸುಪ್ರೀಂ ಸೂಚನೆ ನೀಡಿದ್ದು, ತನಿಖಾ ವರದಿಯನ್ನು ನ್ಯಾಯಾಲಯಕ್ಕೆ ಸಲ್ಲಿಸಬೇಕು ಎಂದು ಸುಪ್ರೀಂ ಕೋರ್ಟ್ ಕಟ್ಟುನಿಟ್ಟಿನ ಸೂಚನೆ ನೀಡಿದೆ. ಈ ಆದೇಶದ ಮೂಲಕ ಸೌಜನ್ಯ ಕೊಲೆ ಪ್ರಕರಣದ ತನಿಖೆ ಹೊಸ ತಿರುವು ಪಡೆದುಕೊಂಡಿದ್ದು, ಆರೋಪಿಗಳನ್ನು ಪತ್ತೆ ಹಚ್ಚುವ ನಿರೀಕ್ಷೆ ಮತ್ತೆ ಮೂಡಿದೆ. ಉಜಿರೆಯ ಎಸ್‌ಡಿಎಂ ಕಾಲೇಜಿನ ದ್ವಿತೀಯ ಪಿಯುಸಿ ವಿದ್ಯಾರ್ಥಿನಿಯಾಗಿದ್ದ 17 ವರ್ಷದ ಸೌಜನ್ಯ, ಕಾಲೇಜಿನಿಂದ ಮನೆಗೆ ಹಿಂದಿರುಗುತ್ತಿದ್ದಾಗ ನಾಪತ್ತೆಯಾದರು.
ಅಕ್ಟೋಬರ್ 10, 2012: ಧರ್ಮಸ್ಥಳದ ಮಣ್ಣಸಂಕ ಎಂಬಲ್ಲಿನ ಪೊದೆಯೊಂದರಲ್ಲಿ ಸೌಜನ್ಯ ಅರ್ಧನಗ್ನ ಸ್ಥಿತಿಯಲ್ಲಿ ಮೃತದೇಹ ಪತ್ತೆಯಾಗಿತ್ತು. ಮರಣೋತ್ತರ ಪರೀಕ್ಷೆಯಲ್ಲಿ ಅತ್ಯಾಚಾರ ಮಾಡಿ, ಕತ್ತು ಹಿಸುಕಿ ಕೊಲೆ ಮಾಡಲಾಗಿದೆ ಎಂದು ದೃಢಪಟ್ಟಿತ್ತು. ಅಕ್ಟೋಬರ್ 11, 2012: ಸ್ಥಳೀಯ ಪೊಲೀಸರು ಮಾನಸಿಕ ಅಸ್ವಸ್ಥ ಎನ್ನಲಾದ ಸಂತೋಷ್ ರಾವ್ ಎಂಬಾತನನ್ನು ಪ್ರಮುಖ ಆರೋಪಿಯನ್ನಾಗಿ ಬಂಧಿಸಿದ್ದರು. ಆದರೆ, ಪ್ರಭಾವಿ ವ್ಯಕ್ತಿಗಳನ್ನು ರಕ್ಷಿಸಲು ಅವನನ್ನು ಬಲಿಪಶು ಮಾಡಲಾಗುತ್ತಿದೆ ಎಂದು ಸೌಜನ್ಯ ಕುಟುಂಬ ಮತ್ತು ಸಾರ್ವಜನಿಕರು ತೀವ್ರ ಆಕ್ಷೇಪ ವ್ಯಕ್ತಪಡಿಸಿದರು. ಈ ಬಗ್ಗೆ ಸಾಕಷ್ಟು ಹೋರಾಟ, ಪ್ರತಿಭಟನೆಗಳು ನಡೆದಿವೆ. ಸಾರ್ವಜನಿಕರ ತೀವ್ರ ಪ್ರತಿಭಟನೆಯ ಹಿನ್ನೆಲೆಯಲ್ಲಿ ಪ್ರಕರಣವನ್ನು ಮೊದಲು ರಾಜ್ಯ ಸಿಐಡಿ ತನಿಖೆಗೆ ನೀಡಿತ್ತು, ನಂತರ ಸಿಬಿಐ ತನಿಖೆಗೆ ಹಸ್ತಾಂತರಿಸಲಾಗಿತ್ತು. ಕಾರಣ ಎಂದರೆ ಮುಖ್ಯಮಂತ್ರಿ ಸಿದ್ದರಾಮಯ್ಯ ಅವರು ಪ್ರಕರಣವನ್ನು ಸಿಬಿಐ ತನಿಖೆಗೆ ವಹಿಸಿದ್ದರು.
ಸೆ.27ಕ್ಕೆ ಸಾಹಿತ್ಯ ಬಳಗ ಉದ್ಘಾಟನೆ
ಸಪ್ತಸಾಗರ ವಾರ್ತೆ,ವಿಜಯಪುರ, ಸೆ. 24: ಜಿಲ್ಲೆಯ ಮನಗೂಳಿ ಪಟ್ಟಣದ ಸೋಮೇಶ್ವರ ದೇವಸ್ಥಾನದ ಸಭಾಂಗಣದಲ್ಲಿ ಸೆ.27ರಂದು ಬೆಳಿಗ್ಗೆ 11 ಗಂಟೆಗೆ ಮಾಣಿಕ್ಯಶ್ರೀ ಸಾಹಿತ್ಯ ಬಳಗದ ಉದ್ಘಾಟನೆ, ಪದಗ್ರಹಣ, ಸಾಹಿತಿ ಮುರುಗೇಶ ಸಂಗಮ ಅವರ ಬಸವ ಪ್ರಶಸ್ತಿ ಪ್ರದಾನ, ಕವಿಗೋಷ್ಠಿ ಹಾಗೂ ಸನ್ಮಾನ ಸಮಾರಂಭ ನಡೆಯಲಿದೆ. ಮನಗೂಳಿಯ ಬಸವೇಶ್ವರ ದೇವಸ್ಥಾನ ಸಮಿತಿ ಅಧ್ಯಕ್ಷ ಸೋಮನಗೌಡ (ಅಪ್ಪುಗೌಡ) ಪಾಟೀಲ ಅಧ್ಯಕ್ಷತೆ ವಹಿಸುವರು. ಹಿರಿಯ ಸಾಹಿತಿ ಸಿದ್ದಲಿಂಗ ಮನಗೂಳಿ ಉದ್ಘಾಟಿಸುವರು. ವಿಜಯಪುರ ಜಿಲ್ಲಾ ಸಹಕಾರಿ ಯೂನಿಯನ್ ಅಧ್ಯಕ್ಷ ವಿಶ್ವನಾಥಗೌಡ ಪಾಟೀಲ, ಗಂಗಾಧರ ನಂದಿ ಕರ್ನಾಟಕ ಸಹಕಾರಿ ಸಂಸ್ಥೆ ಕಾರ್ಯಾಗಿನ ಮಾಜಿ ನಿರ್ದೇಶಕ ರೇವಣಸಿದ್ಧ ಮನೋಹರ ಪಾಟೀಲ ಹಾಗೂ ಸಮಾಜಸೇವಕ ಶಿವನಗೌಡ ಗುಬ್ಬೇವಾಡ ಮುಖ್ಯ ಅತಿಥಿಗಳಾಗಿ ಆಗಮಿಸುವರು. ಸಾಹಿತಿ ಮುರುಗೇಶ ಸಂಗಮ ಹಾಗೂ ಬಳಗದ ಅಧ್ಯಕ್ಷ ಶಿವಾಜಿ ಮೋರೆ ಉಪಸ್ಥಿತರಿರುವರು. ಆರ್. ಎಸ್. ಅಭ್ಯುದಯ ಫೌಂಡೇಶನ್ ಅಧ್ಯಕ್ಷ ಮಹೇಶ ಹಿರೇಗಾ ಅವರನ್ನು ಸನ್ಮಾನಿಸಲಾಗುವುದು ಎಂದು ಮಾಣಿಕ್ಯಶ್ರೀ ಸಾಹಿತ್ಯ ಬಳಗದ ಅಧ್ಯಕ್ಷ ಶಿವಾಜಿ ಮೋರೆ ಪ್ರಕಟಣೆಯಲ್ಲಿ ತಿಳಿಸಿದ್ದಾರೆ.
